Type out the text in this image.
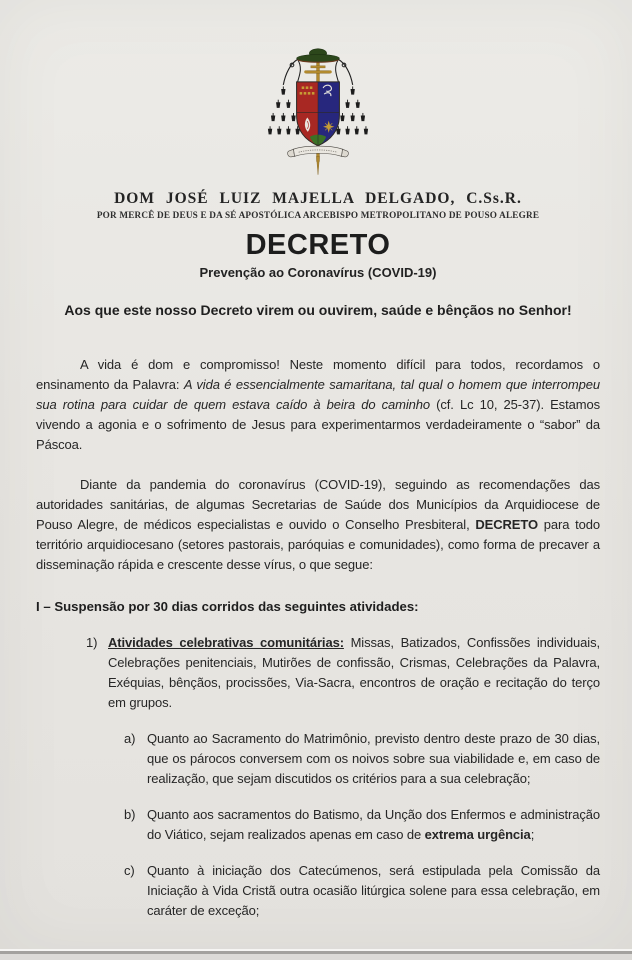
DOM JOSÉ LUIZ MAJELLA DELGADO, C.Ss.R.
POR MERCÊ DE DEUS E DA SÉ APOSTÓLICA ARCEBISPO METROPOLITANO DE POUSO ALEGRE
DECRETO
Prevenção ao Coronavírus (COVID-19)
Aos que este nosso Decreto virem ou ouvirem, saúde e bênçãos no Senhor!

A vida é dom e compromisso! Neste momento difícil para todos, recordamos o ensinamento da Palavra: A vida é essencialmente samaritana, tal qual o homem que interrompeu sua rotina para cuidar de quem estava caído à beira do caminho (cf. Lc 10, 25-37). Estamos vivendo a agonia e o sofrimento de Jesus para experimentarmos verdadeiramente o “sabor” da Páscoa.

Diante da pandemia do coronavírus (COVID-19), seguindo as recomendações das autoridades sanitárias, de algumas Secretarias de Saúde dos Municípios da Arquidiocese de Pouso Alegre, de médicos especialistas e ouvido o Conselho Presbiteral, DECRETO para todo território arquidiocesano (setores pastorais, paróquias e comunidades), como forma de precaver a disseminação rápida e crescente desse vírus, o que segue:

I – Suspensão por 30 dias corridos das seguintes atividades:
1) Atividades celebrativas comunitárias: Missas, Batizados, Confissões individuais, Celebrações penitenciais, Mutirões de confissão, Crismas, Celebrações da Palavra, Exéquias, bênçãos, procissões, Via-Sacra, encontros de oração e recitação do terço em grupos.
a) Quanto ao Sacramento do Matrimônio, previsto dentro deste prazo de 30 dias, que os párocos conversem com os noivos sobre sua viabilidade e, em caso de realização, que sejam discutidos os critérios para a sua celebração;
b) Quanto aos sacramentos do Batismo, da Unção dos Enfermos e administração do Viático, sejam realizados apenas em caso de extrema urgência;
c) Quanto à iniciação dos Catecúmenos, será estipulada pela Comissão da Iniciação à Vida Cristã outra ocasião litúrgica solene para essa celebração, em caráter de exceção;
